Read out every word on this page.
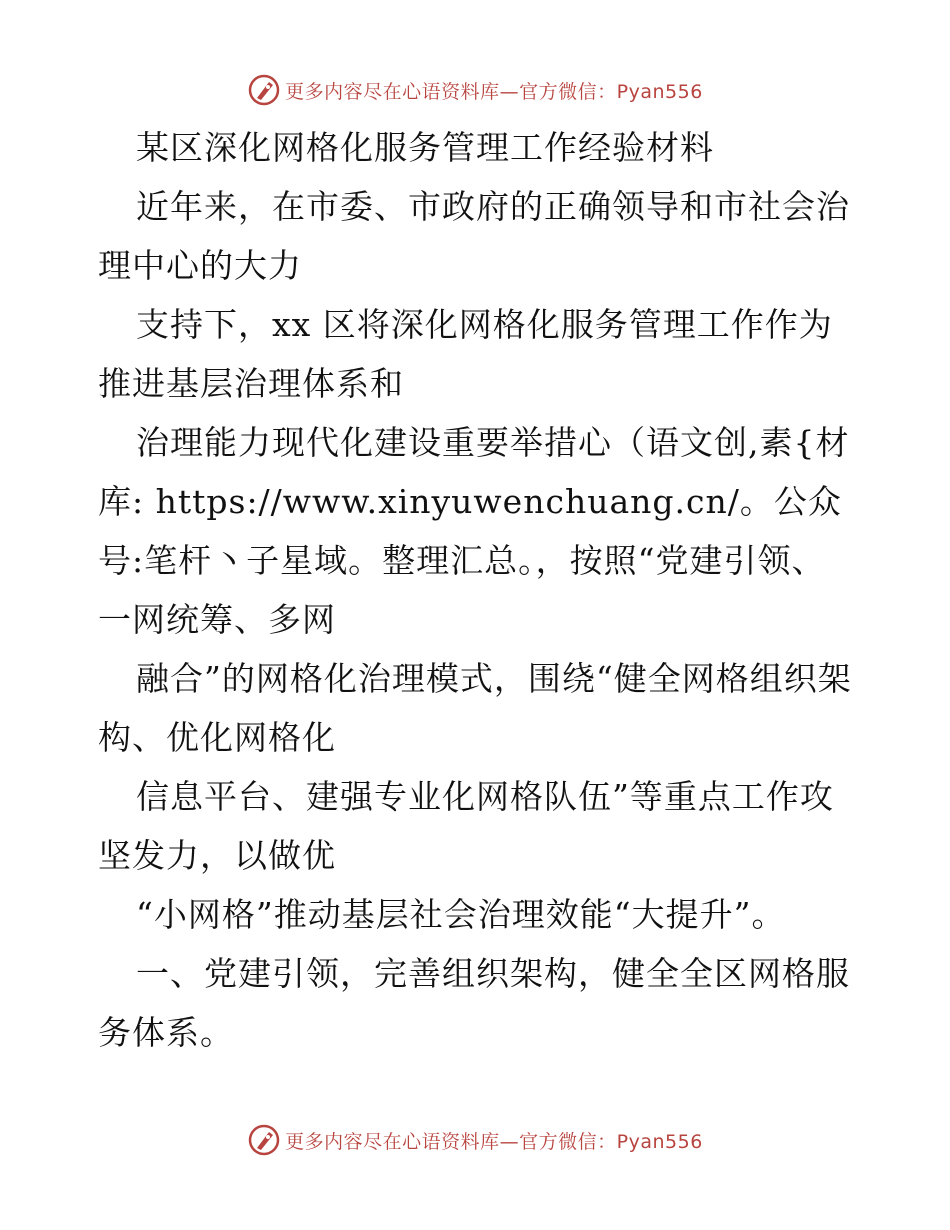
更多内容尽在心语资料库—官方微信：Pyan556

某区深化网格化服务管理工作经验材料

近年来，在市委、市政府的正确领导和市社会治理中心的大力

支持下，xx 区将深化网格化服务管理工作作为推进基层治理体系和

治理能力现代化建设重要举措心（语文创,素{材库: https://www.xinyuwenchuang.cn/。公众号:笔杆丶子星域。整理汇总。，按照“党建引领、一网统筹、多网

融合”的网格化治理模式，围绕“健全网格组织架构、优化网格化

信息平台、建强专业化网格队伍”等重点工作攻坚发力，以做优

“小网格”推动基层社会治理效能“大提升”。

一、党建引领，完善组织架构，健全全区网格服务体系。

更多内容尽在心语资料库—官方微信：Pyan556
